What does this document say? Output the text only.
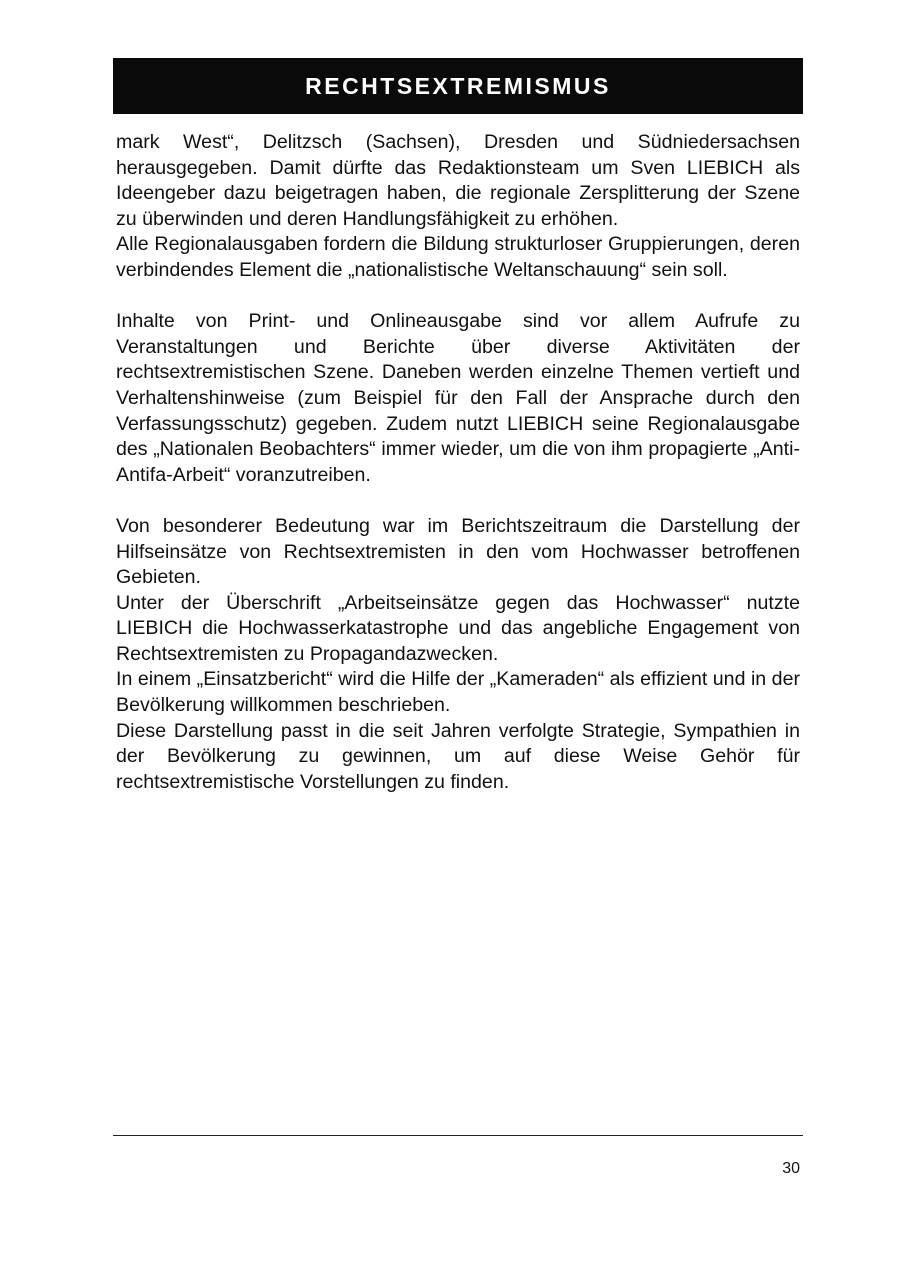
RECHTSEXTREMISMUS

mark West“, Delitzsch (Sachsen), Dresden und Südniedersachsen herausgegeben. Damit dürfte das Redaktionsteam um Sven LIEBICH als Ideengeber dazu beigetragen haben, die regionale Zersplitterung der Szene zu überwinden und deren Handlungsfähigkeit zu erhöhen.

Alle Regionalausgaben fordern die Bildung strukturloser Gruppierungen, deren verbindendes Element die „nationalistische Weltanschauung“ sein soll.

Inhalte von Print- und Onlineausgabe sind vor allem Aufrufe zu Veranstaltungen und Berichte über diverse Aktivitäten der rechtsextremistischen Szene. Daneben werden einzelne Themen vertieft und Verhaltenshinweise (zum Beispiel für den Fall der Ansprache durch den Verfassungsschutz) gegeben. Zudem nutzt LIEBICH seine Regionalausgabe des „Nationalen Beobachters“ immer wieder, um die von ihm propagierte „Anti-Antifa-Arbeit“ voranzutreiben.

Von besonderer Bedeutung war im Berichtszeitraum die Darstellung der Hilfseinsätze von Rechtsextremisten in den vom Hochwasser betroffenen Gebieten.

Unter der Überschrift „Arbeitseinsätze gegen das Hochwasser“ nutzte LIEBICH die Hochwasserkatastrophe und das angebliche Engagement von Rechtsextremisten zu Propagandazwecken.

In einem „Einsatzbericht“ wird die Hilfe der „Kameraden“ als effizient und in der Bevölkerung willkommen beschrieben.

Diese Darstellung passt in die seit Jahren verfolgte Strategie, Sympathien in der Bevölkerung zu gewinnen, um auf diese Weise Gehör für rechtsextremistische Vorstellungen zu finden.

30
